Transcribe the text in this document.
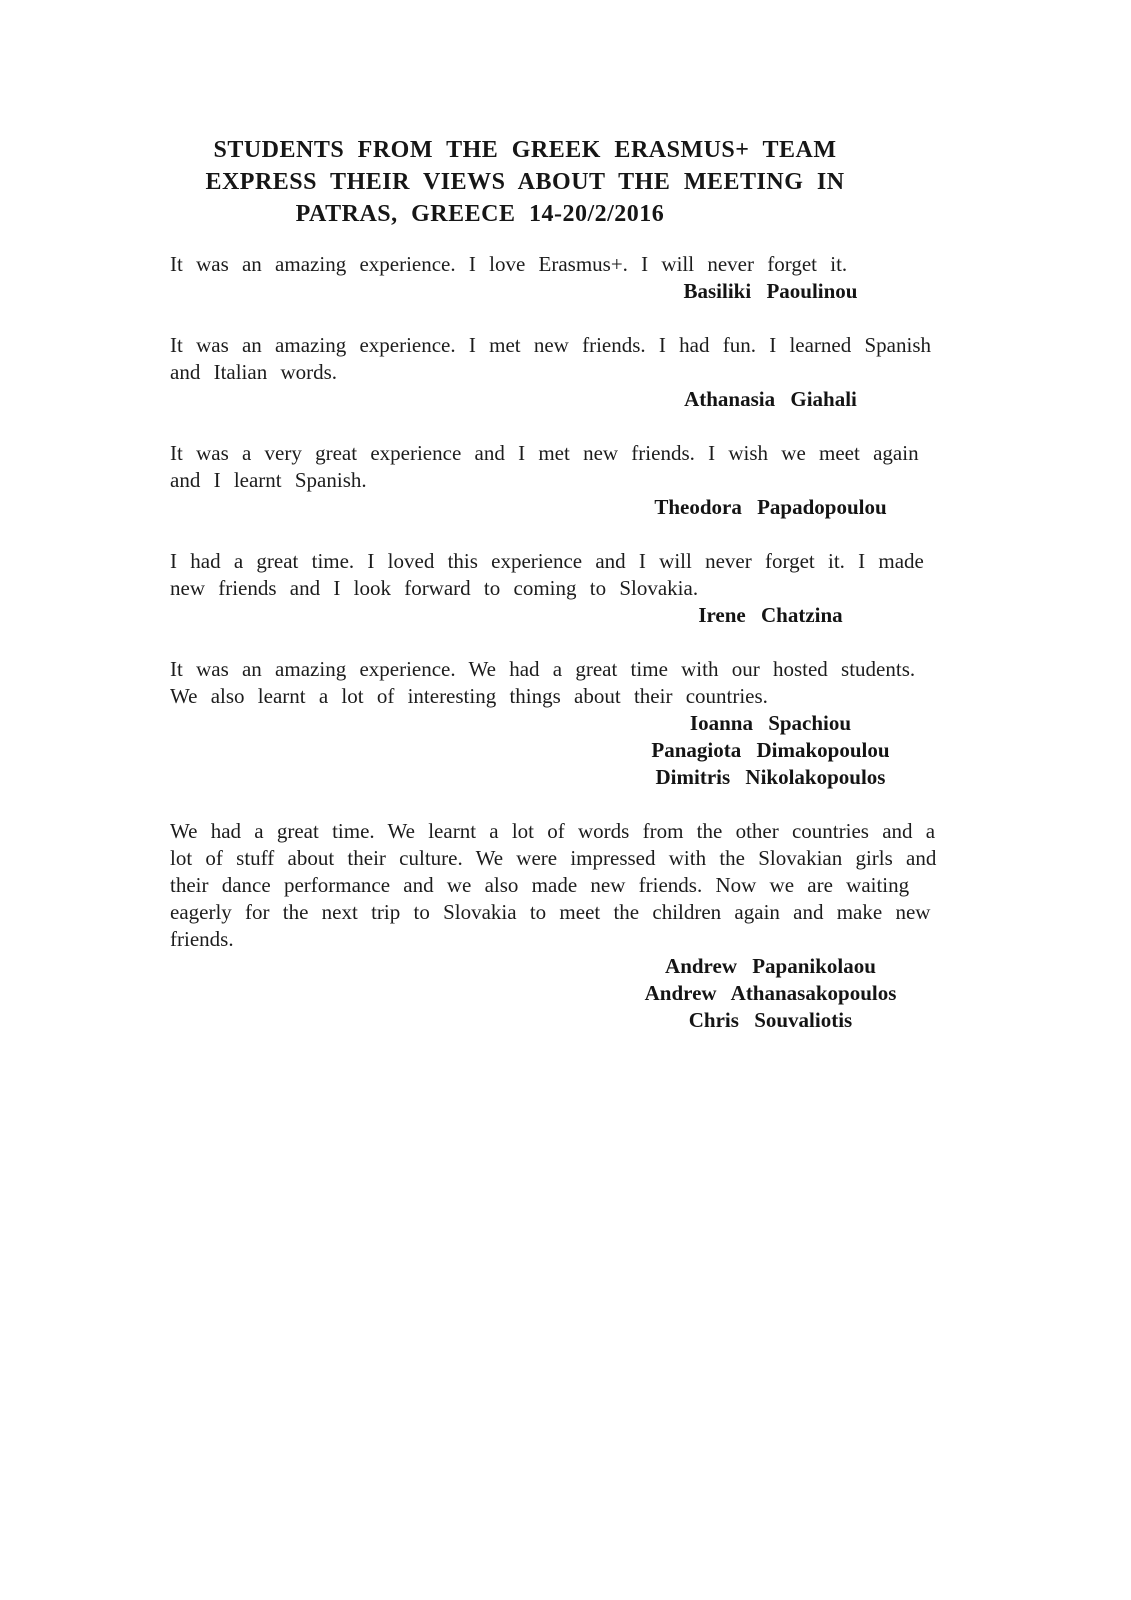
STUDENTS FROM THE GREEK ERASMUS+ TEAM
EXPRESS THEIR VIEWS ABOUT THE MEETING IN
PATRAS, GREECE 14-20/2/2016

It was an amazing experience. I love Erasmus+. I will never forget it.

Basiliki Paoulinou

It was an amazing experience. I met new friends. I had fun. I learned Spanish and Italian words.

Athanasia Giahali

It was a very great experience and I met new friends. I wish we meet again and I learnt Spanish.

Theodora Papadopoulou

I had a great time. I loved this experience and I will never forget it. I made new friends and I look forward to coming to Slovakia.

Irene Chatzina

It was an amazing experience. We had a great time with our hosted students. We also learnt a lot of interesting things about their countries.

Ioanna Spachiou
Panagiota Dimakopoulou
Dimitris Nikolakopoulos

We had a great time. We learnt a lot of words from the other countries and a lot of stuff about their culture. We were impressed with the Slovakian girls and their dance performance and we also made new friends. Now we are waiting eagerly for the next trip to Slovakia to meet the children again and make new friends.

Andrew Papanikolaou
Andrew Athanasakopoulos
Chris Souvaliotis
